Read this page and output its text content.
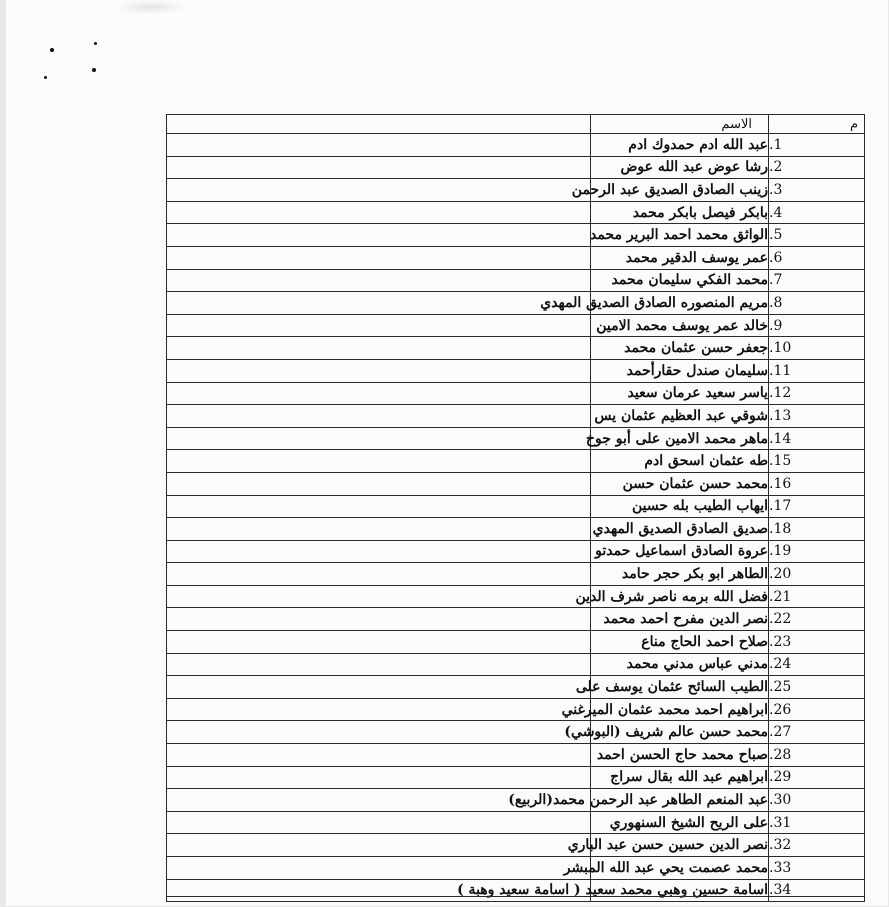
	الاسم	م
	عبد الله ادم حمدوك ادم	.1
	رشا عوض عبد الله عوض	.2
	زينب الصادق الصديق عبد الرحمن	.3
	بابكر فيصل بابكر محمد	.4
	الواثق محمد احمد البرير محمد	.5
	عمر يوسف الدقير محمد	.6
	محمد الفكي سليمان محمد	.7
	مريم المنصوره الصادق الصديق المهدي	.8
	خالد عمر يوسف محمد الامين	.9
	جعفر حسن عثمان محمد	.10
	سليمان صندل حقارأحمد	.11
	ياسر سعيد عرمان سعيد	.12
	شوقي عبد العظيم عثمان يس	.13
	ماهر محمد الامين على أبو جوخ	.14
	طه عثمان اسحق ادم	.15
	محمد حسن عثمان حسن	.16
	ايهاب الطيب بله حسين	.17
	صديق الصادق الصديق المهدي	.18
	عروة الصادق اسماعيل حمدتو	.19
	الطاهر ابو بكر حجر حامد	.20
	فضل الله برمه ناصر شرف الدين	.21
	نصر الدين مفرح احمد محمد	.22
	صلاح احمد الحاج مناع	.23
	مدني عباس مدني محمد	.24
	الطيب السائح عثمان يوسف على	.25
	ابراهيم احمد محمد عثمان الميرغني	.26
	محمد حسن عالم شريف (البوشي)	.27
	صباح محمد حاج الحسن احمد	.28
	ابراهيم عبد الله بقال سراج	.29
	عبد المنعم الطاهر عبد الرحمن محمد(الربيع)	.30
	على الريح الشيخ السنهوري	.31
	نصر الدين حسين حسن عبد الباري	.32
	محمد عصمت يحي عبد الله المبشر	.33
	اسامة حسين وهبي محمد سعيد ( اسامة سعيد وهبة )	.34
